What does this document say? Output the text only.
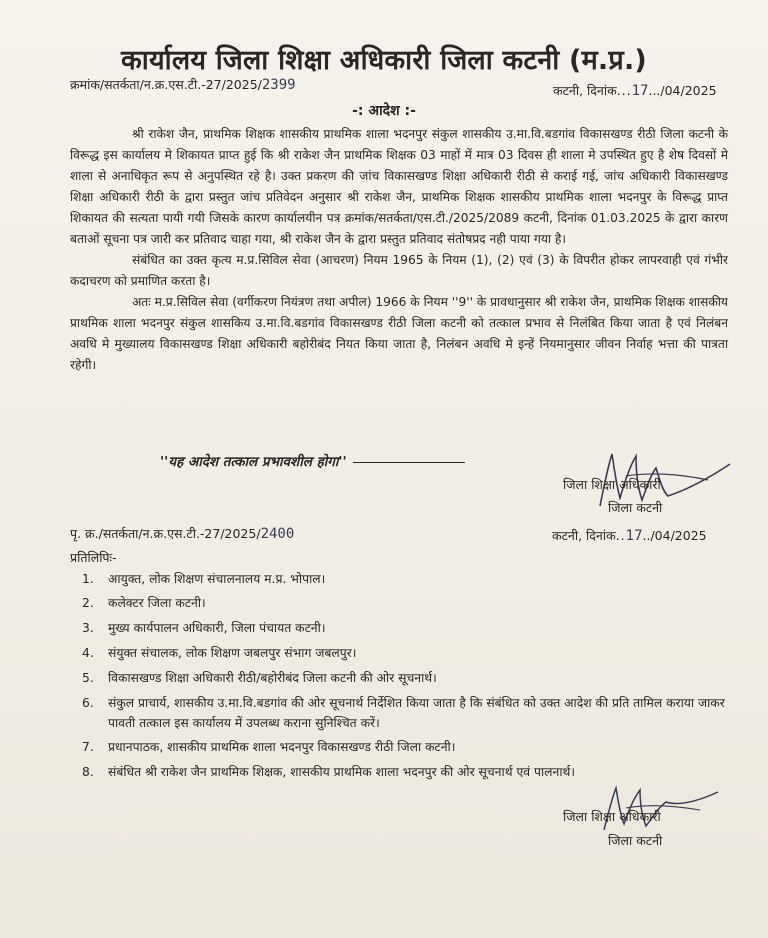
कार्यालय जिला शिक्षा अधिकारी जिला कटनी (म.प्र.)
क्रमांक/सतर्कता/न.क्र.एस.टी.-27/2025/2399	कटनी, दिनांक...17.../04/2025
-: आदेश :-

श्री राकेश जैन, प्राथमिक शिक्षक शासकीय प्राथमिक शाला भदनपुर संकुल शासकीय उ.मा.वि.बडगांव विकासखण्ड रीठी जिला कटनी के विरूद्ध इस कार्यालय मे शिकायत प्राप्त हुई कि श्री राकेश जैन प्राथमिक शिक्षक 03 माहों में मात्र 03 दिवस ही शाला मे उपस्थित हुए है शेष दिवसों मे शाला से अनाधिकृत रूप से अनुपस्थित रहे है। उक्त प्रकरण की जांच विकासखण्ड शिक्षा अधिकारी रीठी से कराई गई, जांच अधिकारी विकासखण्ड शिक्षा अधिकारी रीठी के द्वारा प्रस्तुत जांच प्रतिवेदन अनुसार श्री राकेश जैन, प्राथमिक शिक्षक शासकीय प्राथमिक शाला भदनपुर के विरूद्ध प्राप्त शिकायत की सत्यता पायी गयी जिसके कारण कार्यालयीन पत्र क्रमांक/सतर्कता/एस.टी./2025/2089 कटनी, दिनांक 01.03.2025 के द्वारा कारण बताओं सूचना पत्र जारी कर प्रतिवाद चाहा गया, श्री राकेश जैन के द्वारा प्रस्तुत प्रतिवाद संतोषप्रद नही पाया गया है।

संबंधित का उक्त कृत्य म.प्र.सिविल सेवा (आचरण) नियम 1965 के नियम (1), (2) एवं (3) के विपरीत होकर लापरवाही एवं गंभीर कदाचरण को प्रमाणित करता है।

अतः म.प्र.सिविल सेवा (वर्गीकरण नियंत्रण तथा अपील) 1966 के नियम ''9'' के प्रावधानुसार श्री राकेश जैन, प्राथमिक शिक्षक शासकीय प्राथमिक शाला भदनपुर संकुल शासकिय उ.मा.वि.बडगांव विकासखण्ड रीठी जिला कटनी को तत्काल प्रभाव से निलंबित किया जाता है एवं निलंबन अवधि मे मुख्यालय विकासखण्ड शिक्षा अधिकारी बहोरीबंद नियत किया जाता है, निलंबन अवधि मे इन्हें नियमानुसार जीवन निर्वाह भत्ता की पात्रता रहेगी।

''यह आदेश तत्काल प्रभावशील होगा''
जिला शिक्षा अधिकारी
जिला कटनी
पृ. क्र./सतर्कता/न.क्र.एस.टी.-27/2025/2400	कटनी, दिनांक..17../04/2025
प्रतिलिपिः-
1. आयुक्त, लोक शिक्षण संचालनालय म.प्र. भोपाल।
2. कलेक्टर जिला कटनी।
3. मुख्य कार्यपालन अधिकारी, जिला पंचायत कटनी।
4. संयुक्त संचालक, लोक शिक्षण जबलपुर संभाग जबलपुर।
5. विकासखण्ड शिक्षा अधिकारी रीठी/बहोरीबंद जिला कटनी की ओर सूचनार्थ।
6. संकुल प्राचार्य, शासकीय उ.मा.वि.बडगांव की ओर सूचनार्थ निर्देशित किया जाता है कि संबंधित को उक्त आदेश की प्रति तामिल कराया जाकर पावती तत्काल इस कार्यालय में उपलब्ध कराना सुनिश्चित करें।
7. प्रधानपाठक, शासकीय प्राथमिक शाला भदनपुर विकासखण्ड रीठी जिला कटनी।
8. संबंधित श्री राकेश जैन प्राथमिक शिक्षक, शासकीय प्राथमिक शाला भदनपुर की ओर सूचनार्थ एवं पालनार्थ।
जिला शिक्षा अधिकारी
जिला कटनी
